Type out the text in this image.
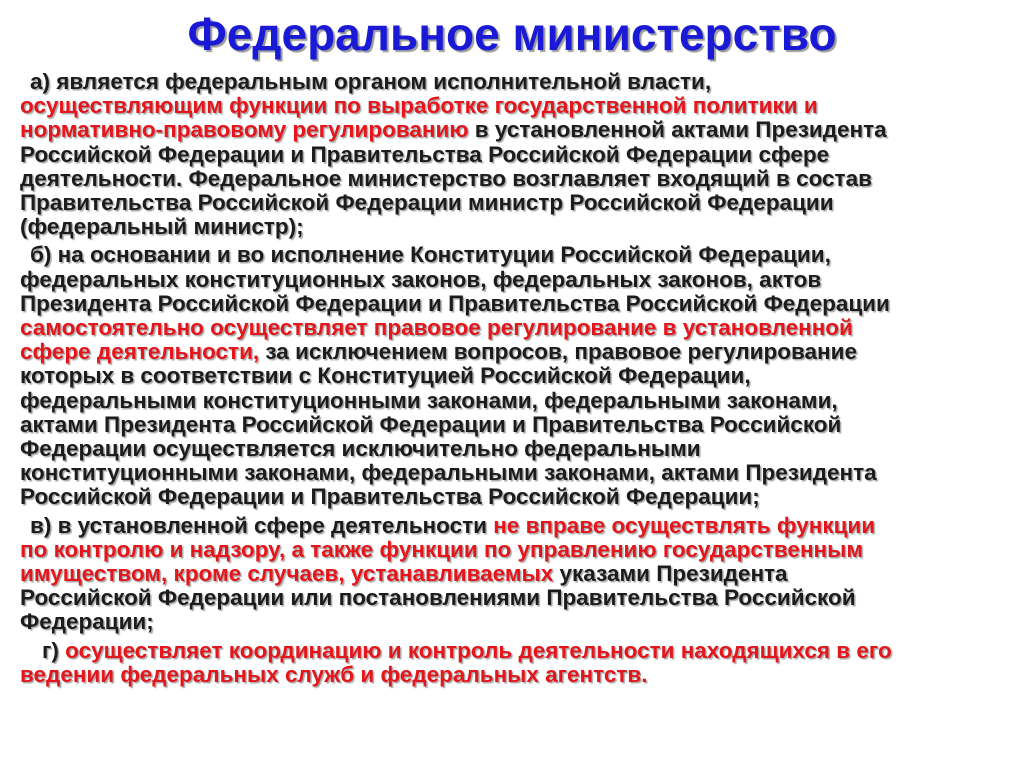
Федеральное министерство
а) является федеральным органом исполнительной власти,
осуществляющим функции по выработке государственной политики и
нормативно-правовому регулированию в установленной актами Президента
Российской Федерации и Правительства Российской Федерации сфере
деятельности. Федеральное министерство возглавляет входящий в состав
Правительства Российской Федерации министр Российской Федерации
(федеральный министр);
б) на основании и во исполнение Конституции Российской Федерации,
федеральных конституционных законов, федеральных законов, актов
Президента Российской Федерации и Правительства Российской Федерации
самостоятельно осуществляет правовое регулирование в установленной
сфере деятельности, за исключением вопросов, правовое регулирование
которых в соответствии с Конституцией Российской Федерации,
федеральными конституционными законами, федеральными законами,
актами Президента Российской Федерации и Правительства Российской
Федерации осуществляется исключительно федеральными
конституционными законами, федеральными законами, актами Президента
Российской Федерации и Правительства Российской Федерации;
в) в установленной сфере деятельности не вправе осуществлять функции
по контролю и надзору, а также функции по управлению государственным
имуществом, кроме случаев, устанавливаемых указами Президента
Российской Федерации или постановлениями Правительства Российской
Федерации;
г) осуществляет координацию и контроль деятельности находящихся в его
ведении федеральных служб и федеральных агентств.
